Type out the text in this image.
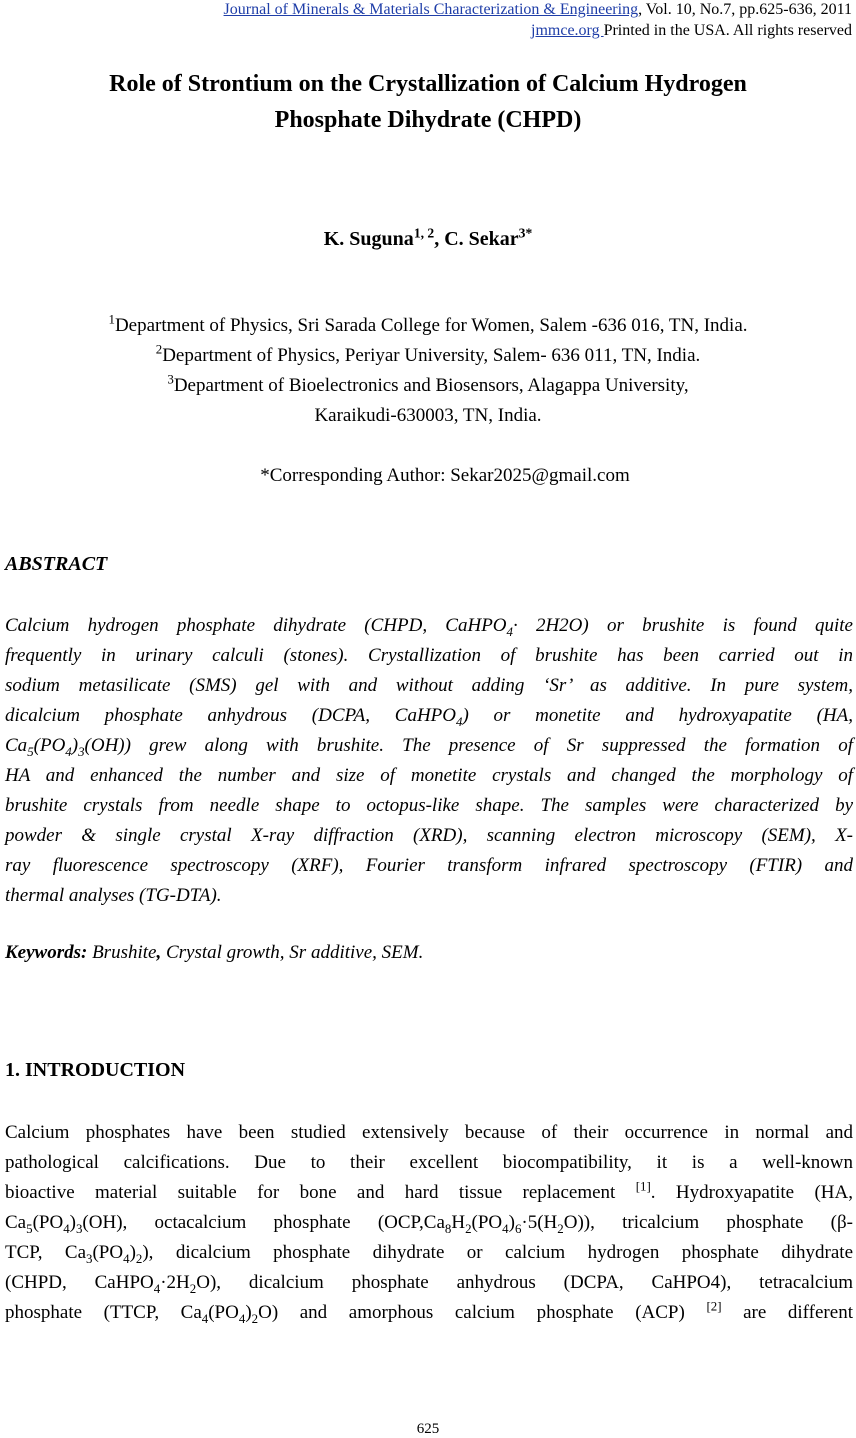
Journal of Minerals & Materials Characterization & Engineering, Vol. 10, No.7, pp.625-636, 2011
jmmce.org Printed in the USA. All rights reserved
Role of Strontium on the Crystallization of Calcium Hydrogen
Phosphate Dihydrate (CHPD)
K. Suguna$^{1, 2}$, C. Sekar$^{3*}$
$^1$Department of Physics, Sri Sarada College for Women, Salem -636 016, TN, India.
$^2$Department of Physics, Periyar University, Salem- 636 011, TN, India.
$^3$Department of Bioelectronics and Biosensors, Alagappa University,
Karaikudi-630003, TN, India.
*Corresponding Author: Sekar2025@gmail.com
ABSTRACT
Calcium hydrogen phosphate dihydrate (CHPD, CaHPO$_4$· 2H2O) or brushite is found quite
frequently in urinary calculi (stones). Crystallization of brushite has been carried out in
sodium metasilicate (SMS) gel with and without adding ‘Sr’ as additive. In pure system,
dicalcium phosphate anhydrous (DCPA, CaHPO$_4$) or monetite and hydroxyapatite (HA,
$Ca_5(PO_4)_3(OH)$) grew along with brushite. The presence of Sr suppressed the formation of
HA and enhanced the number and size of monetite crystals and changed the morphology of
brushite crystals from needle shape to octopus-like shape. The samples were characterized by
powder & single crystal X-ray diffraction (XRD), scanning electron microscopy (SEM), X-
ray fluorescence spectroscopy (XRF), Fourier transform infrared spectroscopy (FTIR) and
thermal analyses (TG-DTA).
Keywords: Brushite, Crystal growth, Sr additive, SEM.
1. INTRODUCTION
Calcium phosphates have been studied extensively because of their occurrence in normal and
pathological calcifications. Due to their excellent biocompatibility, it is a well-known
bioactive material suitable for bone and hard tissue replacement [1]. Hydroxyapatite (HA,
$Ca_5(PO_4)_3(OH)$, octacalcium phosphate $(OCP,Ca_8H_2(PO_4)_6\cdot 5(H_2O))$, tricalcium phosphate (β-
TCP, $Ca_3(PO_4)_2$), dicalcium phosphate dihydrate or calcium hydrogen phosphate dihydrate
(CHPD, $CaHPO_4\cdot 2H_2O$), dicalcium phosphate anhydrous (DCPA, CaHPO4), tetracalcium
phosphate (TTCP, $Ca_4(PO_4)_2O$) and amorphous calcium phosphate (ACP) [2] are different
625
